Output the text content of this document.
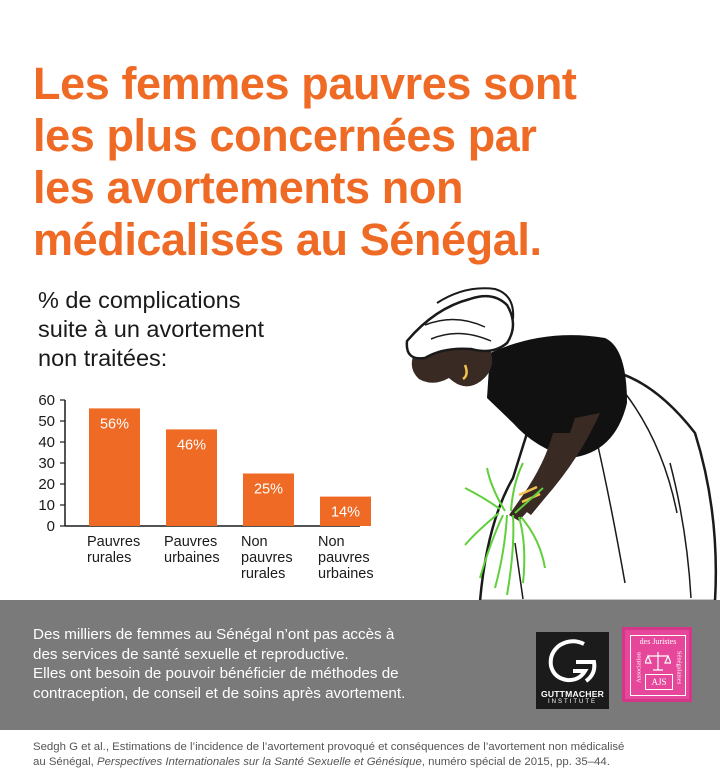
Les femmes pauvres sont
les plus concernées par
les avortements non
médicalisés au Sénégal.

% de complications
suite à un avortement
non traitées:

0
10
20
30
40
50
60
56%
Pauvres
rurales
46%
Pauvres
urbaines
25%
Non
pauvres
rurales
14%
Non
pauvres
urbaines

Des milliers de femmes au Sénégal n’ont pas accès à
des services de santé sexuelle et reproductive.
Elles ont besoin de pouvoir bénéficier de méthodes de
contraception, de conseil et de soins après avortement.	GUTTMACHER
INSTITUTE
des Juristes
Association	Sénégalaises
AJS

Sedgh G et al., Estimations de l’incidence de l’avortement provoqué et conséquences de l’avortement non médicalisé
au Sénégal, Perspectives Internationales sur la Santé Sexuelle et Génésique, numéro spécial de 2015, pp. 35–44.
